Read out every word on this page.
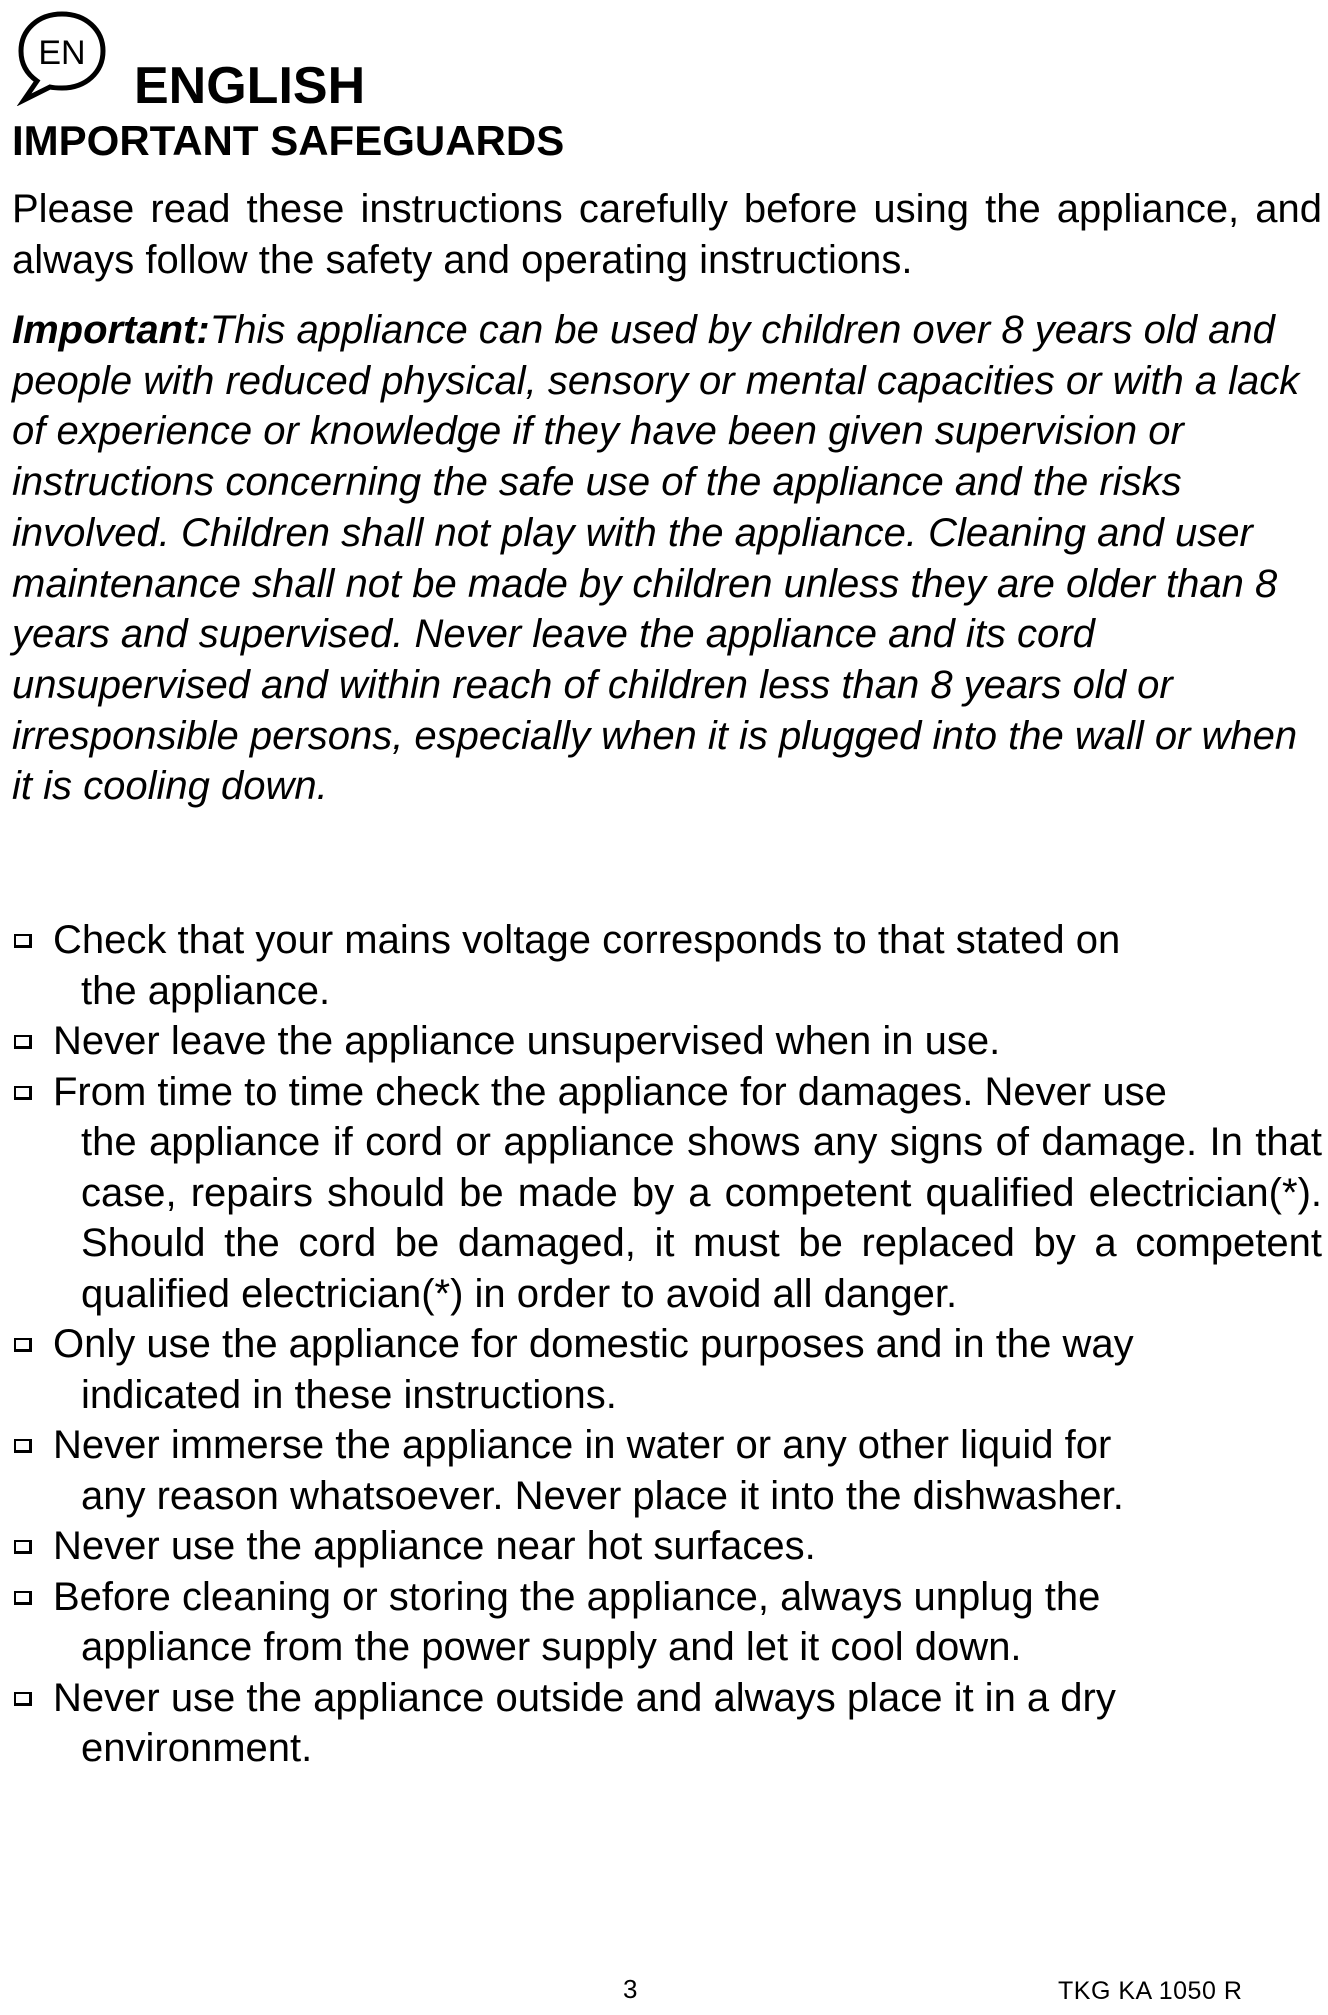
EN
ENGLISH
IMPORTANT SAFEGUARDS

Please read these instructions carefully before using the appliance, and always follow the safety and operating instructions.

Important:This appliance can be used by children over 8 years old and people with reduced physical, sensory or mental capacities or with a lack of experience or knowledge if they have been given supervision or instructions concerning the safe use of the appliance and the risks involved. Children shall not play with the appliance. Cleaning and user maintenance shall not be made by children unless they are older than 8 years and supervised. Never leave the appliance and its cord unsupervised and within reach of children less than 8 years old or irresponsible persons, especially when it is plugged into the wall or when it is cooling down.

Check that your mains voltage corresponds to that stated on
the appliance.
Never leave the appliance unsupervised when in use.
From time to time check the appliance for damages. Never use
the appliance if cord or appliance shows any signs of damage. In that case, repairs should be made by a competent qualified electrician(*). Should the cord be damaged, it must be replaced by a competent qualified electrician(*) in order to avoid all danger.
Only use the appliance for domestic purposes and in the way
indicated in these instructions.
Never immerse the appliance in water or any other liquid for
any reason whatsoever. Never place it into the dishwasher.
Never use the appliance near hot surfaces.
Before cleaning or storing the appliance, always unplug the
appliance from the power supply and let it cool down.
Never use the appliance outside and always place it in a dry
environment.
3	TKG KA 1050 R
